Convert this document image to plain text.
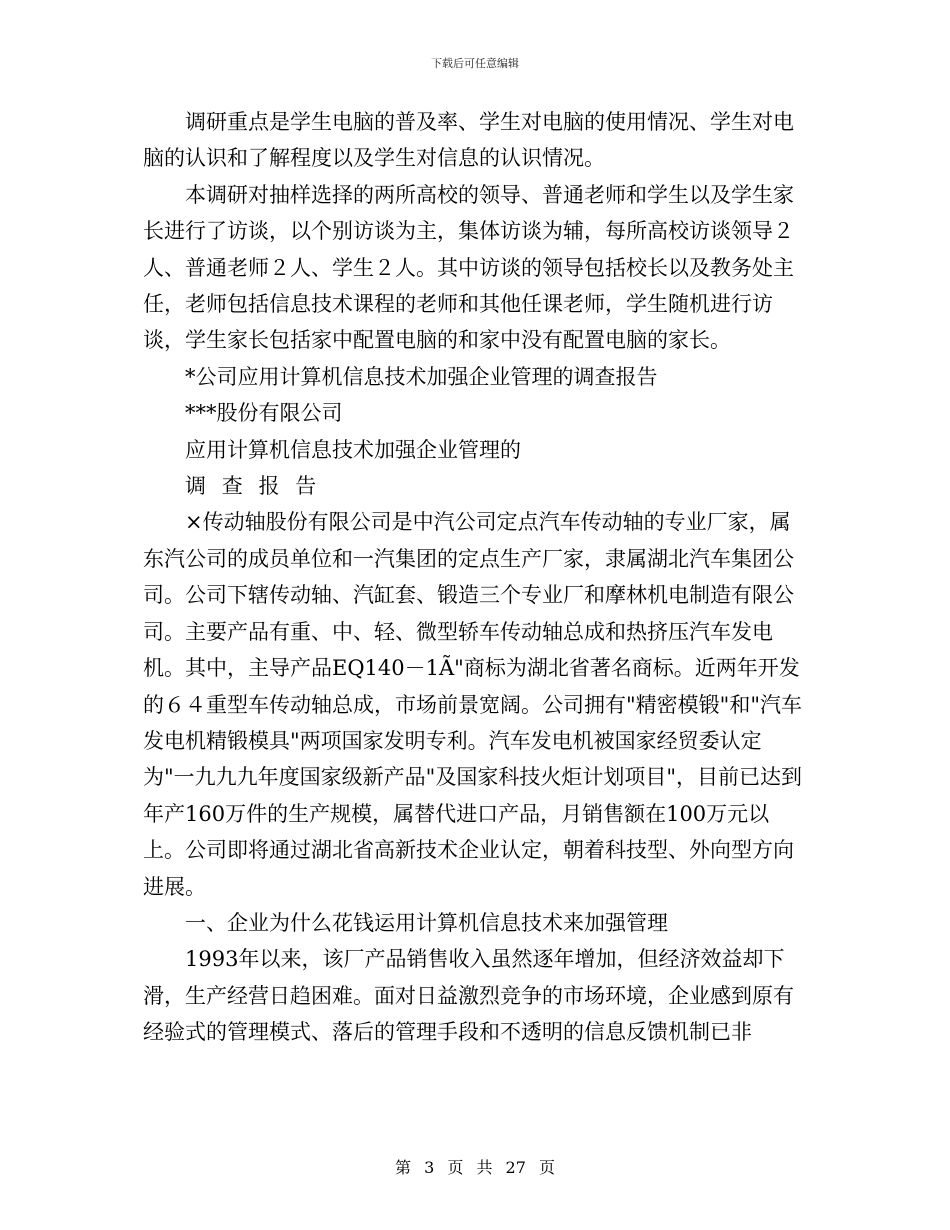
下载后可任意编辑

调研重点是学生电脑的普及率、学生对电脑的使用情况、学生对电脑的认识和了解程度以及学生对信息的认识情况。

本调研对抽样选择的两所高校的领导、普通老师和学生以及学生家长进行了访谈，以个别访谈为主，集体访谈为辅，每所高校访谈领导２人、普通老师２人、学生２人。其中访谈的领导包括校长以及教务处主任，老师包括信息技术课程的老师和其他任课老师，学生随机进行访谈，学生家长包括家中配置电脑的和家中没有配置电脑的家长。

*公司应用计算机信息技术加强企业管理的调查报告

***股份有限公司

应用计算机信息技术加强企业管理的

调查报告

×传动轴股份有限公司是中汽公司定点汽车传动轴的专业厂家，属东汽公司的成员单位和一汽集团的定点生产厂家，隶属湖北汽车集团公司。公司下辖传动轴、汽缸套、锻造三个专业厂和摩林机电制造有限公司。主要产品有重、中、轻、微型轿车传动轴总成和热挤压汽车发电机。其中，主导产品EQ140－1Ã"商标为湖北省著名商标。近两年开发的６４重型车传动轴总成，市场前景宽阔。公司拥有"精密模锻"和"汽车发电机精锻模具"两项国家发明专利。汽车发电机被国家经贸委认定为"一九九九年度国家级新产品"及国家科技火炬计划项目"，目前已达到年产160万件的生产规模，属替代进口产品，月销售额在100万元以上。公司即将通过湖北省高新技术企业认定，朝着科技型、外向型方向进展。

一、企业为什么花钱运用计算机信息技术来加强管理

1993年以来，该厂产品销售收入虽然逐年增加，但经济效益却下滑，生产经营日趋困难。面对日益激烈竞争的市场环境，企业感到原有经验式的管理模式、落后的管理手段和不透明的信息反馈机制已非

第 3 页 共 27 页
